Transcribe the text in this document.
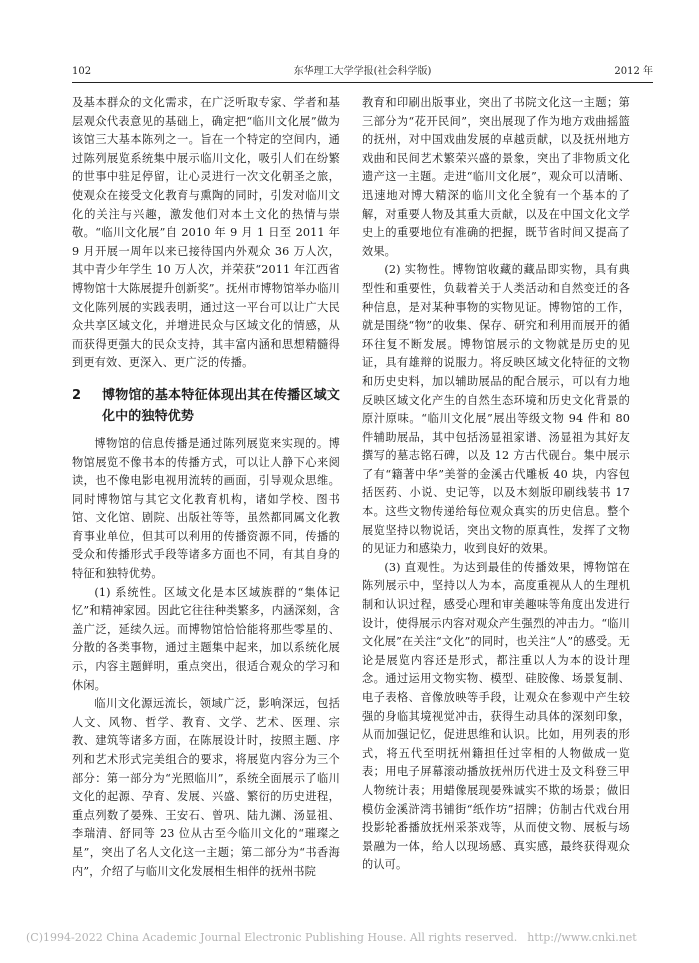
102	东华理工大学学报(社会科学版)	2012 年

及基本群众的文化需求，在广泛听取专家、学者和基层观众代表意见的基础上，确定把“临川文化展”做为该馆三大基本陈列之一。旨在一个特定的空间内，通过陈列展览系统集中展示临川文化，吸引人们在纷繁的世事中驻足停留，让心灵进行一次文化朝圣之旅，使观众在接受文化教育与熏陶的同时，引发对临川文化的关注与兴趣，激发他们对本土文化的热情与崇敬。“临川文化展”自 2010 年 9 月 1 日至 2011 年 9 月开展一周年以来已接待国内外观众 36 万人次，其中青少年学生 10 万人次，并荣获“2011 年江西省博物馆十大陈展提升创新奖”。抚州市博物馆举办临川文化陈列展的实践表明，通过这一平台可以让广大民众共享区域文化，并增进民众与区域文化的情感，从而获得更强大的民众支持，其丰富内涵和思想精髓得到更有效、更深入、更广泛的传播。

2	博物馆的基本特征体现出其在传播区域文化中的独特优势

博物馆的信息传播是通过陈列展览来实现的。博物馆展览不像书本的传播方式，可以让人静下心来阅读，也不像电影电视用流转的画面，引导观众思维。同时博物馆与其它文化教育机构，诸如学校、图书馆、文化馆、剧院、出版社等等，虽然都同属文化教育事业单位，但其可以利用的传播资源不同，传播的受众和传播形式手段等诸多方面也不同，有其自身的特征和独特优势。

(1) 系统性。区域文化是本区域族群的“集体记忆”和精神家园。因此它往往种类繁多，内涵深刻，含盖广泛，延续久远。而博物馆恰恰能将那些零星的、分散的各类事物，通过主题集中起来，加以系统化展示，内容主题鲜明，重点突出，很适合观众的学习和休闲。

临川文化源远流长，领域广泛，影响深远，包括人文、风物、哲学、教育、文学、艺术、医理、宗教、建筑等诸多方面，在陈展设计时，按照主题、序列和艺术形式完美组合的要求，将展览内容分为三个部分：第一部分为“光照临川”，系统全面展示了临川文化的起源、孕育、发展、兴盛、繁衍的历史进程，重点列数了晏殊、王安石、曾巩、陆九渊、汤显祖、李瑞清、舒同等 23 位从古至今临川文化的“璀璨之星”，突出了名人文化这一主题；第二部分为“书香海内”，介绍了与临川文化发展相生相伴的抚州书院

教育和印刷出版事业，突出了书院文化这一主题；第三部分为“花开民间”，突出展现了作为地方戏曲摇篮的抚州，对中国戏曲发展的卓越贡献，以及抚州地方戏曲和民间艺术繁荣兴盛的景象，突出了非物质文化遗产这一主题。走进“临川文化展”，观众可以清晰、迅速地对博大精深的临川文化全貌有一个基本的了解，对重要人物及其重大贡献，以及在中国文化文学史上的重要地位有准确的把握，既节省时间又提高了效果。

(2) 实物性。博物馆收藏的藏品即实物，具有典型性和重要性，负载着关于人类活动和自然变迁的各种信息，是对某种事物的实物见证。博物馆的工作，就是围绕“物”的收集、保存、研究和利用而展开的循环往复不断发展。博物馆展示的文物就是历史的见证，具有雄辩的说服力。将反映区域文化特征的文物和历史史料，加以辅助展品的配合展示，可以有力地反映区域文化产生的自然生态环境和历史文化背景的原汁原味。“临川文化展”展出等级文物 94 件和 80 件辅助展品，其中包括汤显祖家谱、汤显祖为其好友撰写的墓志铭石碑，以及 12 方古代砚台。集中展示了有“籍著中华”美誉的金溪古代雕板 40 块，内容包括医药、小说、史记等，以及木刻版印刷线装书 17 本。这些文物传递给每位观众真实的历史信息。整个展览坚持以物说话，突出文物的原真性，发挥了文物的见证力和感染力，收到良好的效果。

(3) 直观性。为达到最佳的传播效果，博物馆在陈列展示中，坚持以人为本，高度重视从人的生理机制和认识过程，感受心理和审美趣味等角度出发进行设计，使得展示内容对观众产生强烈的冲击力。“临川文化展”在关注“文化”的同时，也关注“人”的感受。无论是展览内容还是形式，都注重以人为本的设计理念。通过运用文物实物、模型、硅胶像、场景复制、电子表格、音像放映等手段，让观众在参观中产生较强的身临其境视觉冲击，获得生动具体的深刻印象，从而加强记忆，促进思维和认识。比如，用列表的形式，将五代至明抚州籍担任过宰相的人物做成一览表；用电子屏幕滚动播放抚州历代进士及文科登三甲人物统计表；用蜡像展现晏殊诚实不欺的场景；做旧模仿金溪浒湾书铺街“纸作坊”招牌；仿制古代戏台用投影轮番播放抚州采茶戏等，从而使文物、展板与场景融为一体，给人以现场感、真实感，最终获得观众的认可。

(C)1994-2022 China Academic Journal Electronic Publishing House. All rights reserved. http://www.cnki.net
